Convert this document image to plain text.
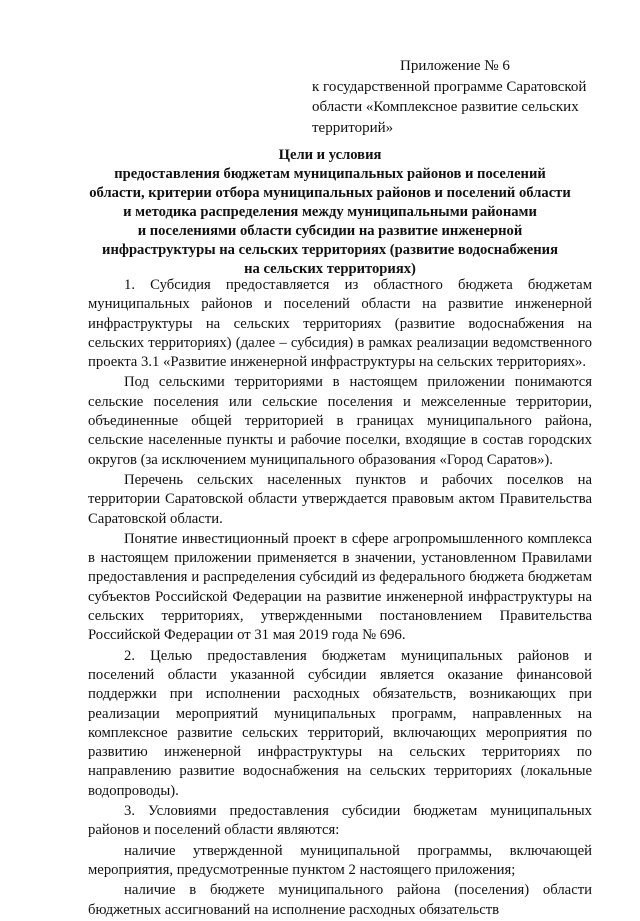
Приложение № 6
к государственной программе Саратовской
области «Комплексное развитие сельских
территорий»
Цели и условия
предоставления бюджетам муниципальных районов и поселений
области, критерии отбора муниципальных районов и поселений области
и методика распределения между муниципальными районами
и поселениями области субсидии на развитие инженерной
инфраструктуры на сельских территориях (развитие водоснабжения
на сельских территориях)

1. Субсидия предоставляется из областного бюджета бюджетам муниципальных районов и поселений области на развитие инженерной инфраструктуры на сельских территориях (развитие водоснабжения на сельских территориях) (далее – субсидия) в рамках реализации ведомственного проекта 3.1 «Развитие инженерной инфраструктуры на сельских территориях».

Под сельскими территориями в настоящем приложении понимаются сельские поселения или сельские поселения и межселенные территории, объединенные общей территорией в границах муниципального района, сельские населенные пункты и рабочие поселки, входящие в состав городских округов (за исключением муниципального образования «Город Саратов»).

Перечень сельских населенных пунктов и рабочих поселков на территории Саратовской области утверждается правовым актом Правительства Саратовской области.

Понятие инвестиционный проект в сфере агропромышленного комплекса в настоящем приложении применяется в значении, установленном Правилами предоставления и распределения субсидий из федерального бюджета бюджетам субъектов Российской Федерации на развитие инженерной инфраструктуры на сельских территориях, утвержденными постановлением Правительства Российской Федерации от 31 мая 2019 года № 696.

2. Целью предоставления бюджетам муниципальных районов и поселений области указанной субсидии является оказание финансовой поддержки при исполнении расходных обязательств, возникающих при реализации мероприятий муниципальных программ, направленных на комплексное развитие сельских территорий, включающих мероприятия по развитию инженерной инфраструктуры на сельских территориях по направлению развитие водоснабжения на сельских территориях (локальные водопроводы).

3. Условиями предоставления субсидии бюджетам муниципальных районов и поселений области являются:

наличие утвержденной муниципальной программы, включающей мероприятия, предусмотренные пунктом 2 настоящего приложения;

наличие в бюджете муниципального района (поселения) области бюджетных ассигнований на исполнение расходных обязательств
